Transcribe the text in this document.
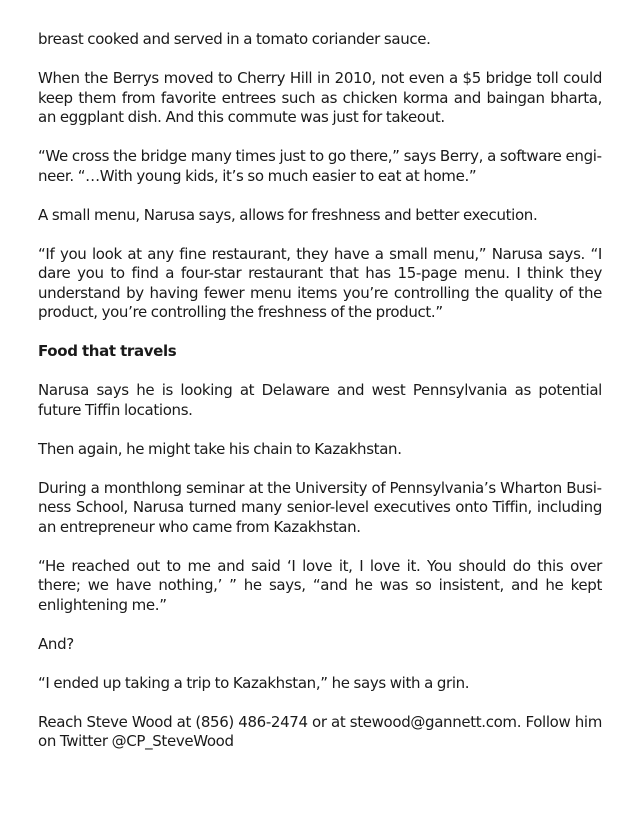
breast cooked and served in a tomato coriander sauce.

When the Berrys moved to Cherry Hill in 2010, not even a $5 bridge toll could keep them from favorite entrees such as chicken korma and baingan bharta, an eggplant dish. And this commute was just for takeout.

“We cross the bridge many times just to go there,” says Berry, a software engineer. “…With young kids, it’s so much easier to eat at home.”

A small menu, Narusa says, allows for freshness and better execution.

“If you look at any fine restaurant, they have a small menu,” Narusa says. “I dare you to find a four-star restaurant that has 15-page menu. I think they understand by having fewer menu items you’re controlling the quality of the product, you’re controlling the freshness of the product.”

Food that travels

Narusa says he is looking at Delaware and west Pennsylvania as potential future Tiffin locations.

Then again, he might take his chain to Kazakhstan.

During a monthlong seminar at the University of Pennsylvania’s Wharton Business School, Narusa turned many senior-level executives onto Tiffin, including an entrepreneur who came from Kazakhstan.

“He reached out to me and said ‘I love it, I love it. You should do this over there; we have nothing,’ ” he says, “and he was so insistent, and he kept enlightening me.”

And?

“I ended up taking a trip to Kazakhstan,” he says with a grin.

Reach Steve Wood at (856) 486-2474 or at stewood@gannett.com. Follow him on Twitter @CP_SteveWood
